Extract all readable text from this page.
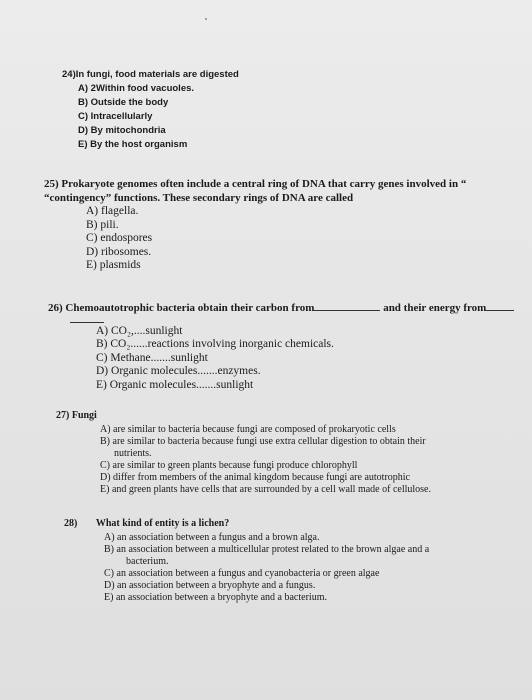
24)In fungi, food materials are digested
A) 2Within food vacuoles.
B) Outside the body
C) Intracellularly
D) By mitochondria
E) By the host organism
25) Prokaryote genomes often include a central ring of DNA that carry genes involved in “
“contingency” functions. These secondary rings of DNA are called
A) flagella.
B) pili.
C) endospores
D) ribosomes.
E) plasmids
26) Chemoautotrophic bacteria obtain their carbon from	and their energy from
A) CO₂,....sunlight
B) CO₂......reactions involving inorganic chemicals.
C) Methane.......sunlight
D) Organic molecules.......enzymes.
E) Organic molecules.......sunlight
27) Fungi
A) are similar to bacteria because fungi are composed of prokaryotic cells
B) are similar to bacteria because fungi use extra cellular digestion to obtain their
nutrients.
C) are similar to green plants because fungi produce chlorophyll
D) differ from members of the animal kingdom because fungi are autotrophic
E) and green plants have cells that are surrounded by a cell wall made of cellulose.
28) What kind of entity is a lichen?
A) an association between a fungus and a brown alga.
B) an association between a multicellular protest related to the brown algae and a
bacterium.
C) an association between a fungus and cyanobacteria or green algae
D) an association between a bryophyte and a fungus.
E) an association between a bryophyte and a bacterium.
